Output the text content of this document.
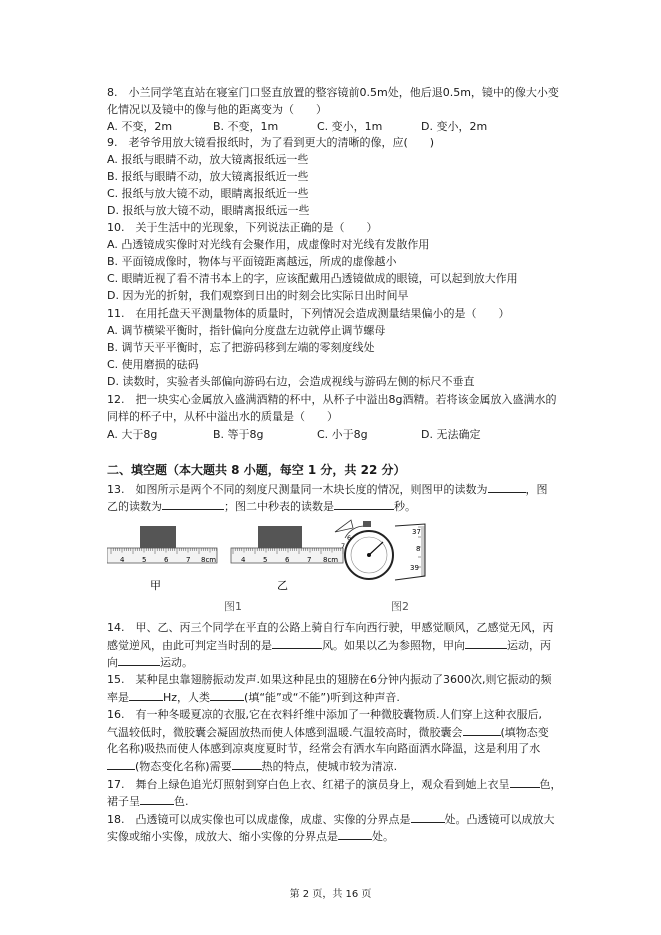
8.　小兰同学笔直站在寝室门口竖直放置的整容镜前0.5m处，他后退0.5m，镜中的像大小变
化情况以及镜中的像与他的距离变为（　　）
A. 不变，2m	B. 不变，1m	C. 变小，1m	D. 变小，2m
9.　老爷爷用放大镜看报纸时，为了看到更大的清晰的像，应(　　)
A. 报纸与眼睛不动，放大镜离报纸远一些
B. 报纸与眼睛不动，放大镜离报纸近一些
C. 报纸与放大镜不动，眼睛离报纸近一些
D. 报纸与放大镜不动，眼睛离报纸远一些
10.　关于生活中的光现象，下列说法正确的是（　　）
A. 凸透镜成实像时对光线有会聚作用，成虚像时对光线有发散作用
B. 平面镜成像时，物体与平面镜距离越远，所成的虚像越小
C. 眼睛近视了看不清书本上的字，应该配戴用凸透镜做成的眼镜，可以起到放大作用
D. 因为光的折射，我们观察到日出的时刻会比实际日出时间早
11.　在用托盘天平测量物体的质量时，下列情况会造成测量结果偏小的是（　　）
A. 调节横梁平衡时，指针偏向分度盘左边就停止调节螺母
B. 调节天平平衡时，忘了把游码移到左端的零刻度线处
C. 使用磨损的砝码
D. 读数时，实验者头部偏向游码右边，会造成视线与游码左侧的标尺不垂直
12.　把一块实心金属放入盛满酒精的杯中，从杯子中溢出8g酒精。若将该金属放入盛满水的
同样的杯子中，从杯中溢出水的质量是（　　）
A. 大于8g	B. 等于8g	C. 小于8g	D. 无法确定
二、填空题（本大题共 8 小题，每空 1 分，共 22 分）
13.　如图所示是两个不同的刻度尺测量同一木块长度的情况，则图甲的读数为	，图
乙的读数为	；图二中秒表的读数是	秒。
4	5	6	7 8cm
甲
4	5	6	7 8cm
乙
图1
7
6
37
8
39
图2
14.　甲、乙、丙三个同学在平直的公路上骑自行车向西行驶，甲感觉顺风，乙感觉无风，丙
感觉逆风，由此可判定当时刮的是	风。如果以乙为参照物，甲向	运动，丙
向	运动。
15.　某种昆虫靠翅膀振动发声.如果这种昆虫的翅膀在6分钟内振动了3600次,则它振动的频
率是	Hz，人类	(填“能”或“不能”)听到这种声音.
16.　有一种冬暖夏凉的衣服,它在衣料纤维中添加了一种微胶囊物质.人们穿上这种衣服后,
气温较低时，微胶囊会凝固放热而使人体感到温暖.气温较高时，微胶囊会	(填物态变
化名称)吸热而使人体感到凉爽度夏时节，经常会有洒水车向路面洒水降温，这是利用了水
(物态变化名称)需要	热的特点，使城市较为清凉.
17.　舞台上绿色追光灯照射到穿白色上衣、红裙子的演员身上，观众看到她上衣呈	色，
裙子呈	色.
18.　凸透镜可以成实像也可以成虚像，成虚、实像的分界点是	处。凸透镜可以成放大
实像或缩小实像，成放大、缩小实像的分界点是	处。
第 2 页，共 16 页
